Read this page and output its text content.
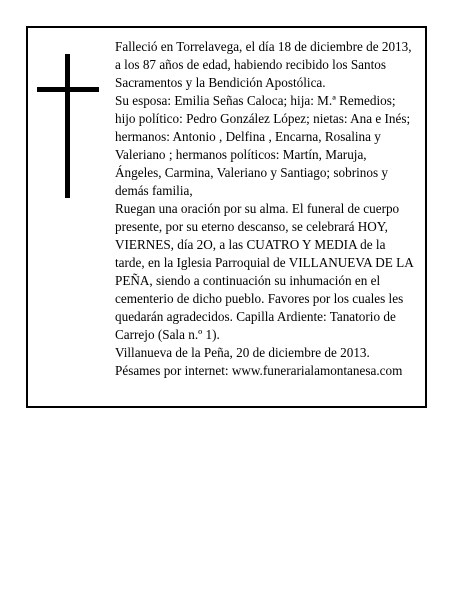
Falleció en Torrelavega, el día 18 de diciembre de 2013, a los 87 años de edad, habiendo recibido los Santos Sacramentos y la Bendición Apostólica.

Su esposa: Emilia Señas Caloca; hija: M.ª Remedios; hijo político: Pedro González López; nietas: Ana e Inés; hermanos: Antonio , Delfina , Encarna, Rosalina y Valeriano ; hermanos políticos: Martín, Maruja, Ángeles, Carmina, Valeriano y Santiago; sobrinos y demás familia,

Ruegan una oración por su alma. El funeral de cuerpo presente, por su eterno descanso, se celebrará HOY, VIERNES, día 2O, a las CUATRO Y MEDIA de la tarde, en la Iglesia Parroquial de VILLANUEVA DE LA PEÑA, siendo a continuación su inhumación en el cementerio de dicho pueblo. Favores por los cuales les quedarán agradecidos. Capilla Ardiente: Tanatorio de Carrejo (Sala n.º 1).

Villanueva de la Peña, 20 de diciembre de 2013.

Pésames por internet: www.funerarialamontanesa.com
